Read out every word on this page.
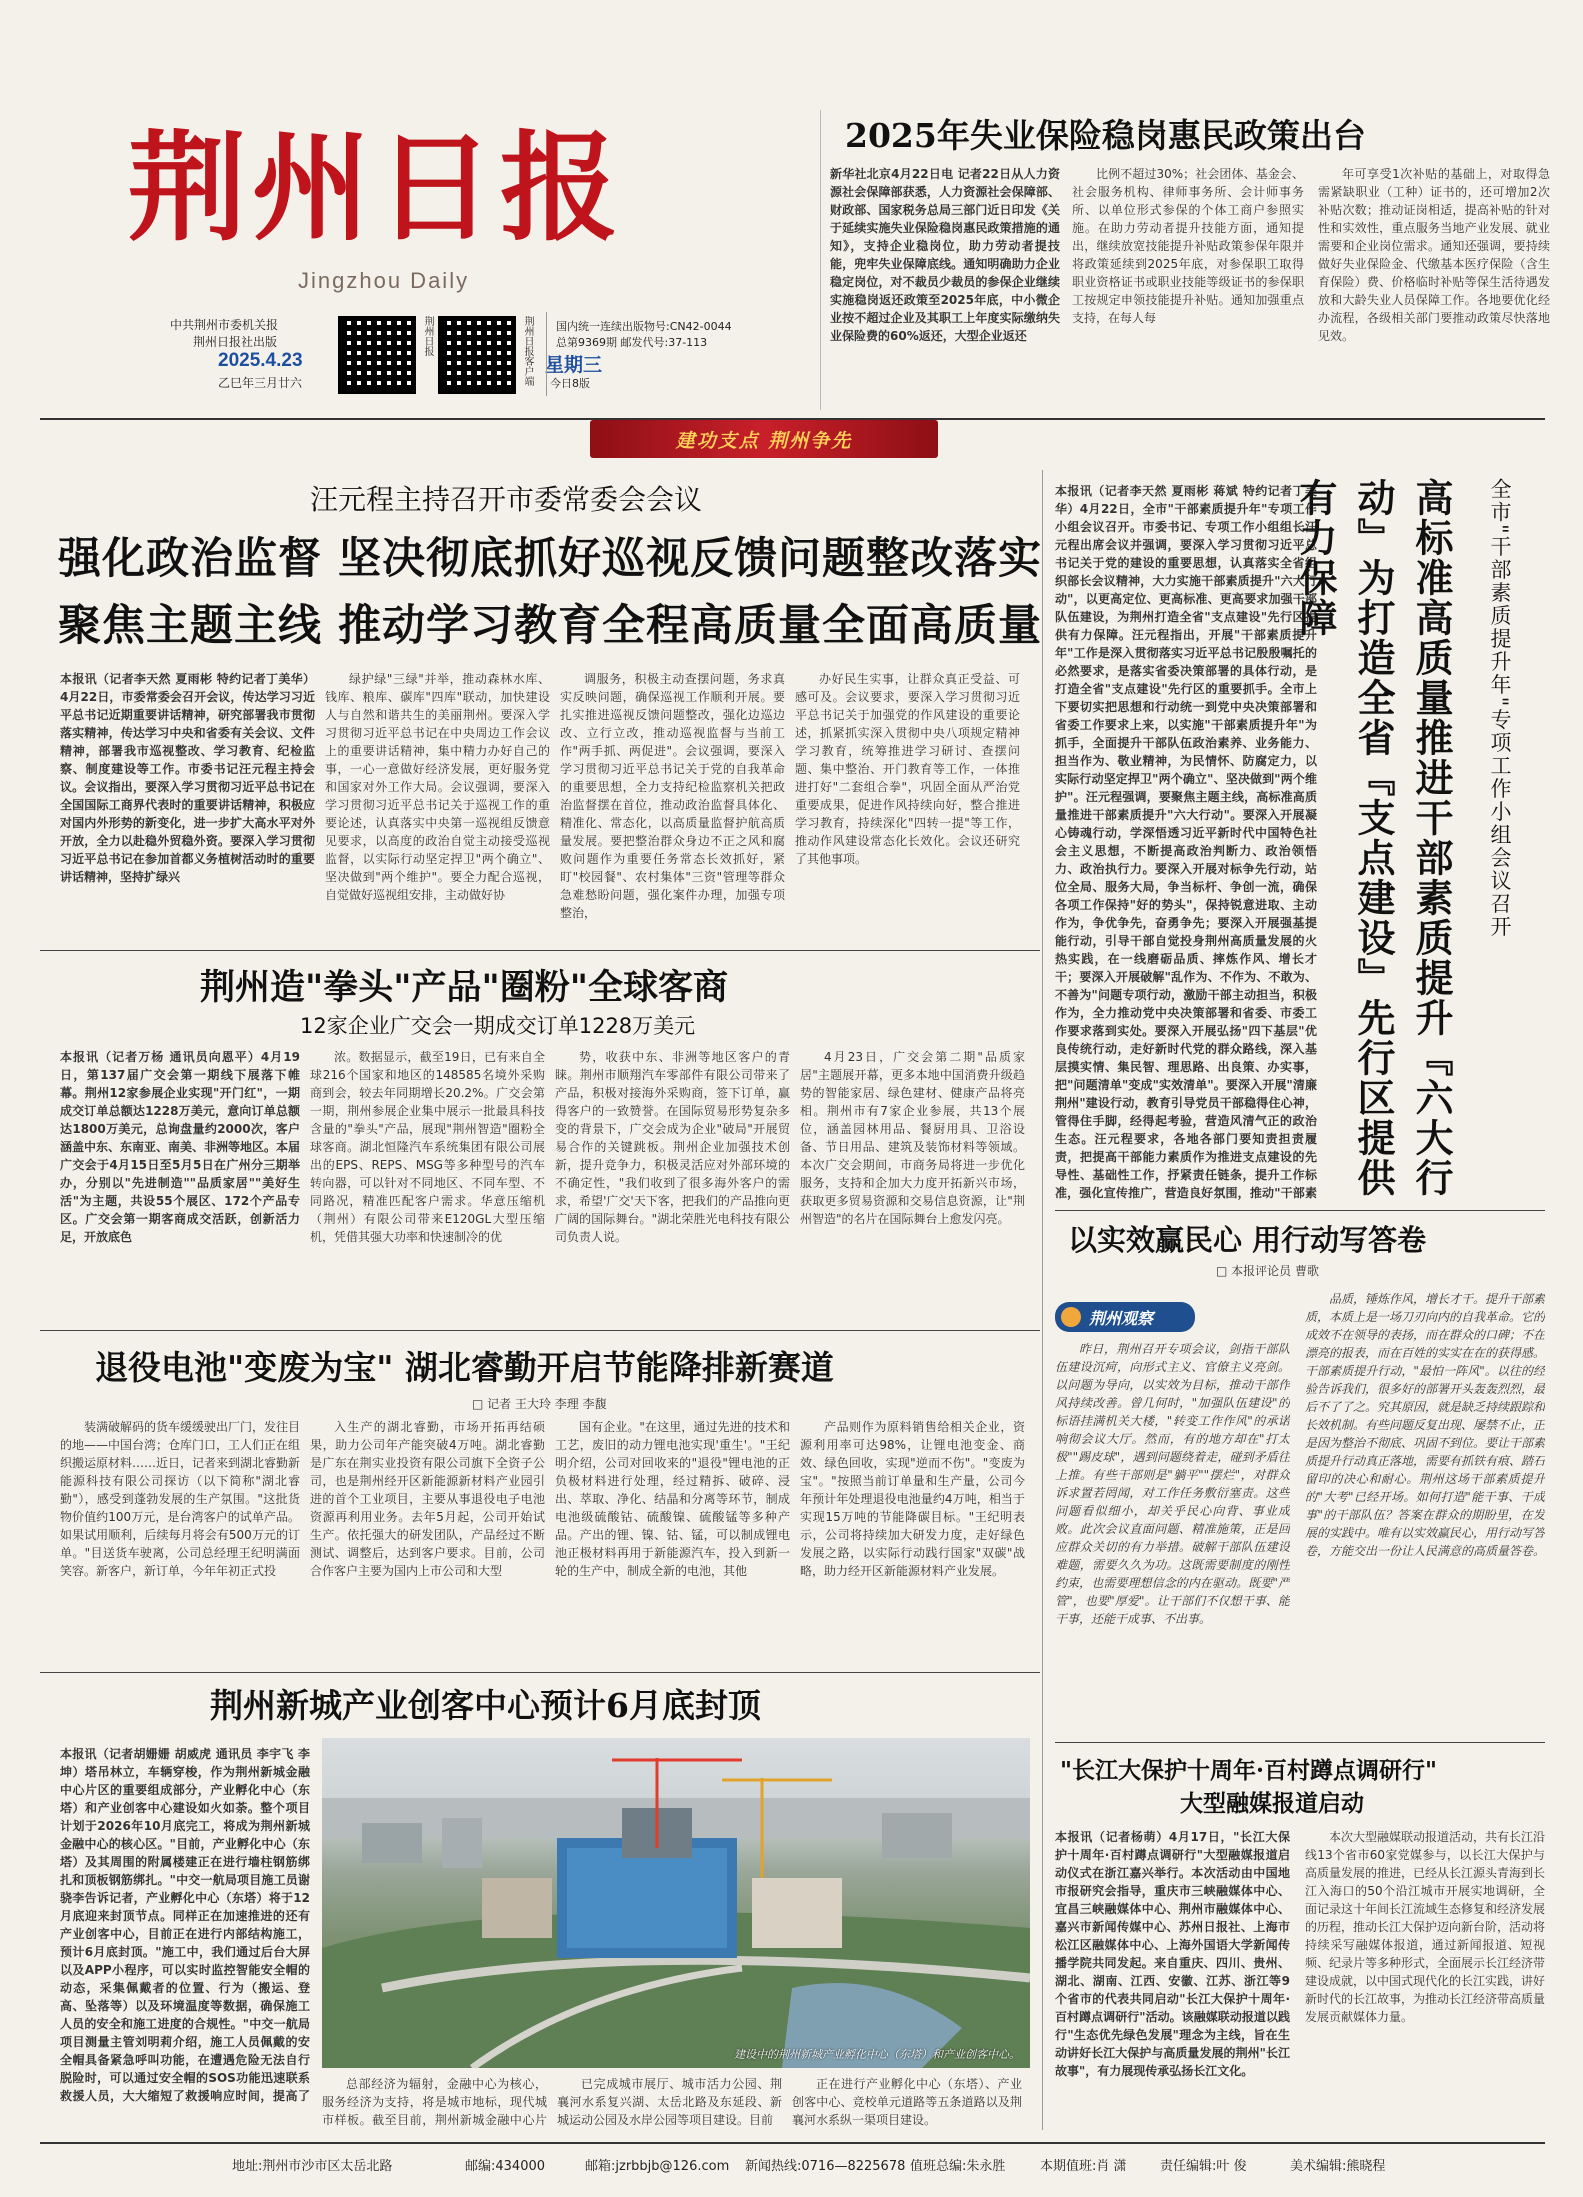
荆州日报
Jingzhou Daily
中共荆州市委机关报
荆州日报社出版
2025.4.23
乙巳年三月廿六
荆州日报	荆州日报客户端 星期三
国内统一连续出版物号:CN42-0044
总第9369期 邮发代号:37-113
今日8版
2025年失业保险稳岗惠民政策出台

新华社北京4月22日电 记者22日从人力资源社会保障部获悉，人力资源社会保障部、财政部、国家税务总局三部门近日印发《关于延续实施失业保险稳岗惠民政策措施的通知》，支持企业稳岗位，助力劳动者提技能，兜牢失业保障底线。通知明确助力企业稳定岗位，对不裁员少裁员的参保企业继续实施稳岗返还政策至2025年底，中小微企业按不超过企业及其职工上年度实际缴纳失业保险费的60%返还，大型企业返还

比例不超过30%；社会团体、基金会、社会服务机构、律师事务所、会计师事务所、以单位形式参保的个体工商户参照实施。在助力劳动者提升技能方面，通知提出，继续放宽技能提升补贴政策参保年限并将政策延续到2025年底，对参保职工取得职业资格证书或职业技能等级证书的参保职工按规定申领技能提升补贴。通知加强重点支持，在每人每

年可享受1次补贴的基础上，对取得急需紧缺职业（工种）证书的，还可增加2次补贴次数；推动证岗相适，提高补贴的针对性和实效性，重点服务当地产业发展、就业需要和企业岗位需求。通知还强调，要持续做好失业保险金、代缴基本医疗保险（含生育保险）费、价格临时补贴等保生活待遇发放和大龄失业人员保障工作。各地要优化经办流程，各级相关部门要推动政策尽快落地见效。

建功支点 荆州争先
汪元程主持召开市委常委会会议
强化政治监督 坚决彻底抓好巡视反馈问题整改落实
聚焦主题主线 推动学习教育全程高质量全面高质量

本报讯（记者李天然 夏雨彬 特约记者丁美华）4月22日，市委常委会召开会议，传达学习习近平总书记近期重要讲话精神，研究部署我市贯彻落实精神，传达学习中央和省委有关会议、文件精神，部署我市巡视整改、学习教育、纪检监察、制度建设等工作。市委书记汪元程主持会议。会议指出，要深入学习贯彻习近平总书记在全国国际工商界代表时的重要讲话精神，积极应对国内外形势的新变化，进一步扩大高水平对外开放，全力以赴稳外贸稳外资。要深入学习贯彻习近平总书记在参加首都义务植树活动时的重要讲话精神，坚持扩绿兴

绿护绿"三绿"并举，推动森林水库、钱库、粮库、碳库"四库"联动，加快建设人与自然和谐共生的美丽荆州。要深入学习贯彻习近平总书记在中央周边工作会议上的重要讲话精神，集中精力办好自己的事，一心一意做好经济发展，更好服务党和国家对外工作大局。会议强调，要深入学习贯彻习近平总书记关于巡视工作的重要论述，认真落实中央第一巡视组反馈意见要求，以高度的政治自觉主动接受巡视监督，以实际行动坚定捍卫"两个确立"、坚决做到"两个维护"。要全力配合巡视，自觉做好巡视组安排，主动做好协

调服务，积极主动查摆问题，务求真实反映问题，确保巡视工作顺利开展。要扎实推进巡视反馈问题整改，强化边巡边改、立行立改，推动巡视监督与当前工作"两手抓、两促进"。会议强调，要深入学习贯彻习近平总书记关于党的自我革命的重要思想，全力支持纪检监察机关把政治监督摆在首位，推动政治监督具体化、精准化、常态化，以高质量监督护航高质量发展。要把整治群众身边不正之风和腐败问题作为重要任务常态长效抓好，紧盯"校园餐"、农村集体"三资"管理等群众急难愁盼问题，强化案件办理，加强专项整治，

办好民生实事，让群众真正受益、可感可及。会议要求，要深入学习贯彻习近平总书记关于加强党的作风建设的重要论述，抓紧抓实深入贯彻中央八项规定精神学习教育，统筹推进学习研讨、查摆问题、集中整治、开门教育等工作，一体推进打好"二套组合拳"，巩固全面从严治党重要成果，促进作风持续向好，整合推进学习教育，持续深化"四转一提"等工作，推动作风建设常态化长效化。会议还研究了其他事项。

荆州造"拳头"产品"圈粉"全球客商
12家企业广交会一期成交订单1228万美元

本报讯（记者万杨 通讯员向恩平）4月19日，第137届广交会第一期线下展落下帷幕。荆州12家参展企业实现"开门红"，一期成交订单总额达1228万美元，意向订单总额达1800万美元，总询盘量约2000次，客户涵盖中东、东南亚、南美、非洲等地区。本届广交会于4月15日至5月5日在广州分三期举办，分别以"先进制造""品质家居""美好生活"为主题，共设55个展区、172个产品专区。广交会第一期客商成交活跃，创新活力足，开放底色

浓。数据显示，截至19日，已有来自全球216个国家和地区的148585名境外采购商到会，较去年同期增长20.2%。广交会第一期，荆州参展企业集中展示一批最具科技含量的"拳头"产品，展现"荆州智造"圈粉全球客商。湖北恒隆汽车系统集团有限公司展出的EPS、REPS、MSG等多种型号的汽车转向器，可以针对不同地区、不同车型、不同路况，精准匹配客户需求。华意压缩机（荆州）有限公司带来E120GL大型压缩机，凭借其强大功率和快速制冷的优

势，收获中东、非洲等地区客户的青睐。荆州市顺翔汽车零部件有限公司带来了产品，积极对接海外采购商，签下订单，赢得客户的一致赞誉。在国际贸易形势复杂多变的背景下，广交会成为企业"破局"开展贸易合作的关键跳板。荆州企业加强技术创新，提升竞争力，积极灵活应对外部环境的不确定性，"我们收到了很多海外客户的需求，希望'广交'天下客，把我们的产品推向更广阔的国际舞台。"湖北荣胜光电科技有限公司负责人说。

4月23日，广交会第二期"品质家居"主题展开幕，更多本地中国消费升级趋势的智能家居、绿色建材、健康产品将亮相。荆州市有7家企业参展，共13个展位，涵盖园林用品、餐厨用具、卫浴设备、节日用品、建筑及装饰材料等领域。本次广交会期间，市商务局将进一步优化服务，支持和企加大力度开拓新兴市场，获取更多贸易资源和交易信息资源，让"荆州智造"的名片在国际舞台上愈发闪亮。

退役电池"变废为宝" 湖北睿勤开启节能降排新赛道
□ 记者 王大玲 李理 李馥

装满破解码的货车缓缓驶出厂门，发往目的地——中国台湾；仓库门口，工人们正在组织搬运原材料……近日，记者来到湖北睿勤新能源科技有限公司探访（以下简称"湖北睿勤"），感受到蓬勃发展的生产氛围。"这批货物价值约100万元，是台湾客户的试单产品。如果试用顺利，后续每月将会有500万元的订单。"目送货车驶离，公司总经理王纪明满面笑容。新客户，新订单，今年年初正式投

入生产的湖北睿勤，市场开拓再结硕果，助力公司年产能突破4万吨。湖北睿勤是广东在荆实业投资有限公司旗下全资子公司，也是荆州经开区新能源新材料产业园引进的首个工业项目，主要从事退役电子电池资源再利用业务。去年5月起，公司开始试生产。依托强大的研发团队，产品经过不断测试、调整后，达到客户要求。目前，公司合作客户主要为国内上市公司和大型

国有企业。"在这里，通过先进的技术和工艺，废旧的动力锂电池实现'重生'。"王纪明介绍，公司对回收来的"退役"锂电池的正负极材料进行处理，经过精拆、破碎、浸出、萃取、净化、结晶和分离等环节，制成电池级硫酸钴、硫酸镍、硫酸锰等多种产品。产出的锂、镍、钴、锰，可以制成锂电池正极材料再用于新能源汽车，投入到新一轮的生产中，制成全新的电池，其他

产品则作为原料销售给相关企业，资源利用率可达98%，让锂电池变金、商效、绿色回收，实现"逆而不伤"。"变废为宝"。"按照当前订单量和生产量，公司今年预计年处理退役电池量约4万吨，相当于实现15万吨的节能降碳目标。"王纪明表示，公司将持续加大研发力度，走好绿色发展之路，以实际行动践行国家"双碳"战略，助力经开区新能源材料产业发展。

荆州新城产业创客中心预计6月底封顶

本报讯（记者胡姗姗 胡威虎 通讯员 李宇飞 李坤）塔吊林立，车辆穿梭，作为荆州新城金融中心片区的重要组成部分，产业孵化中心（东塔）和产业创客中心建设如火如荼。整个项目计划于2026年10月底完工，将成为荆州新城金融中心的核心区。"目前，产业孵化中心（东塔）及其周围的附属楼建正在进行墙柱钢筋绑扎和顶板钢筋绑扎。"中交一航局项目施工员谢骁李告诉记者，产业孵化中心（东塔）将于12月底迎来封顶节点。同样正在加速推进的还有产业创客中心，目前正在进行内部结构施工，预计6月底封顶。"施工中，我们通过后台大屏以及APP小程序，可以实时监控智能安全帽的动态，采集佩戴者的位置、行为（搬运、登高、坠落等）以及环境温度等数据，确保施工人员的安全和施工进度的合规性。"中交一航局项目测量主管刘明莉介绍，施工人员佩戴的安全帽具备紧急呼叫功能，在遭遇危险无法自行脱险时，可以通过安全帽的SOS功能迅速联系救援人员，大大缩短了救援响应时间，提高了

建设中的荆州新城产业孵化中心（东塔）和产业创客中心。

总部经济为辐射，金融中心为核心，服务经济为支持，将是城市地标，现代城市样板。截至目前，荆州新城金融中心片

已完成城市展厅、城市活力公园、荆襄河水系复兴湖、太岳北路及东延段、新城运动公园及水岸公园等项目建设。目前

正在进行产业孵化中心（东塔）、产业创客中心、竞校单元道路等五条道路以及荆襄河水系纵一渠项目建设。

本报讯（记者李天然 夏雨彬 蒋斌 特约记者丁美华）4月22日，全市"干部素质提升年"专项工作小组会议召开。市委书记、专项工作小组组长汪元程出席会议并强调，要深入学习贯彻习近平总书记关于党的建设的重要思想，认真落实全省组织部长会议精神，大力实施干部素质提升"六大行动"，以更高定位、更高标准、更高要求加强干部队伍建设，为荆州打造全省"支点建设"先行区提供有力保障。汪元程指出，开展"干部素质提升年"工作是深入贯彻落实习近平总书记殷殷嘱托的必然要求，是落实省委决策部署的具体行动，是打造全省"支点建设"先行区的重要抓手。全市上下要切实把思想和行动统一到党中央决策部署和省委工作要求上来，以实施"干部素质提升年"为抓手，全面提升干部队伍政治素养、业务能力、担当作为、敬业精神，为民情怀、防腐定力，以实际行动坚定捍卫"两个确立"、坚决做到"两个维护"。汪元程强调，要聚焦主题主线，高标准高质量推进干部素质提升"六大行动"。要深入开展凝心铸魂行动，学深悟透习近平新时代中国特色社会主义思想，不断提高政治判断力、政治领悟力、政治执行力。要深入开展对标争先行动，站位全局、服务大局，争当标杆、争创一流，确保各项工作保持"好的势头"，保持锐意进取、主动作为，争优争先，奋勇争先；要深入开展强基提能行动，引导干部自觉投身荆州高质量发展的火热实践，在一线磨砺品质、摔炼作风、增长才干；要深入开展破解"乱作为、不作为、不敢为、不善为"问题专项行动，激励干部主动担当，积极作为，全力推动党中央决策部署和省委、市委工作要求落到实处。要深入开展弘扬"四下基层"优良传统行动，走好新时代党的群众路线，深入基层摸实情、集民智、理思路、出良策、办实事，把"问题清单"变成"实效清单"。要深入开展"清廉荆州"建设行动，教育引导党员干部稳得住心神，管得住手脚，经得起考验，营造风清气正的政治生态。汪元程要求，各地各部门要知责担责履责，把提高干部能力素质作为推进支点建设的先导性、基础性工作，抒紧责任链条，提升工作标准，强化宣传推广，营造良好氛围，推动"干部素	高标准高质量推进干部素质提升『六大行动』为打造全省『支点建设』先行区提供有力保障	全市"干部素质提升年"专项工作小组会议召开
以实效赢民心 用行动写答卷
□ 本报评论员 曹歌
荆州观察

昨日，荆州召开专项会议，剑指干部队伍建设沉疴，向形式主义、官僚主义亮剑。以问题为导向，以实效为目标，推动干部作风持续改善。曾几何时，"加强队伍建设"的标语挂满机关大楼，"转变工作作风"的承诺响彻会议大厅。然而，有的地方却在"打太极""踢皮球"，遇到问题绕着走，碰到矛盾往上推。有些干部则是"躺平""摆烂"，对群众诉求置若罔闻，对工作任务敷衍塞责。这些问题看似细小，却关乎民心向背、事业成败。此次会议直面问题、精准施策，正是回应群众关切的有力举措。破解干部队伍建设难题，需要久久为功。这既需要制度的刚性约束，也需要理想信念的内在驱动。既要"严管"，也要"厚爱"。让干部们不仅想干事、能干事，还能干成事、不出事。

品质，锤炼作风，增长才干。提升干部素质，本质上是一场刀刃向内的自我革命。它的成效不在领导的表扬，而在群众的口碑；不在漂亮的报表，而在百姓的实实在在的获得感。干部素质提升行动，"最怕一阵风"。以往的经验告诉我们，很多好的部署开头轰轰烈烈，最后不了了之。究其原因，就是缺乏持续跟踪和长效机制。有些问题反复出现、屡禁不止，正是因为整治不彻底、巩固不到位。要让干部素质提升行动真正落地，需要有抓铁有痕、踏石留印的决心和耐心。荆州这场干部素质提升的"大考"已经开场。如何打造"能干事、干成事"的干部队伍？答案在群众的期盼里，在发展的实践中。唯有以实效赢民心，用行动写答卷，方能交出一份让人民满意的高质量答卷。

"长江大保护十周年·百村蹲点调研行"
大型融媒报道启动

本报讯（记者杨萌）4月17日，"长江大保护十周年·百村蹲点调研行"大型融媒报道启动仪式在浙江嘉兴举行。本次活动由中国地市报研究会指导，重庆市三峡融媒体中心、宜昌三峡融媒体中心、荆州市融媒体中心、嘉兴市新闻传媒中心、苏州日报社、上海市松江区融媒体中心、上海外国语大学新闻传播学院共同发起。来自重庆、四川、贵州、湖北、湖南、江西、安徽、江苏、浙江等9个省市的代表共同启动"长江大保护十周年·百村蹲点调研行"活动。该融媒联动报道以践行"生态优先绿色发展"理念为主线，旨在生动讲好长江大保护与高质量发展的荆州"长江故事"，有力展现传承弘扬长江文化。

本次大型融媒联动报道活动，共有长江沿线13个省市60家党媒参与，以长江大保护与高质量发展的推进，已经从长江源头青海到长江入海口的50个沿江城市开展实地调研，全面记录这十年间长江流域生态修复和经济发展的历程，推动长江大保护迈向新台阶，活动将持续采写融媒体报道，通过新闻报道、短视频、纪录片等多种形式，全面展示长江经济带建设成就，以中国式现代化的长江实践，讲好新时代的长江故事，为推动长江经济带高质量发展贡献媒体力量。

地址:荆州市沙市区太岳北路	邮编:434000	邮箱:jzrbbjb@126.com 新闻热线:0716—8225678 值班总编:朱永胜	本期值班:肖 潇	责任编辑:叶 俊	美术编辑:熊晓程
